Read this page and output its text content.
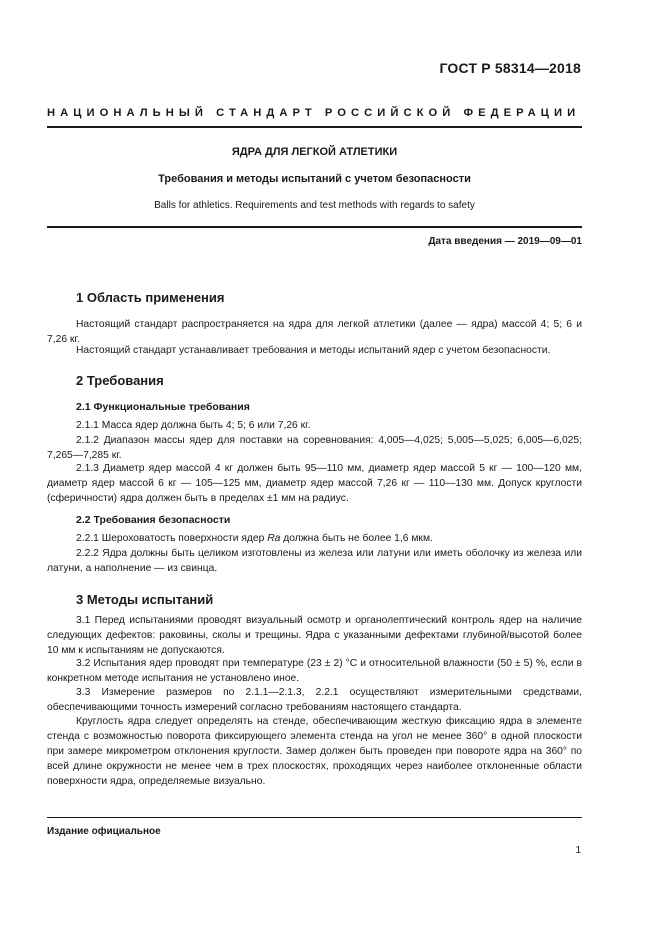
ГОСТ Р 58314—2018
НАЦИОНАЛЬНЫЙ СТАНДАРТ РОССИЙСКОЙ ФЕДЕРАЦИИ
ЯДРА ДЛЯ ЛЕГКОЙ АТЛЕТИКИ
Требования и методы испытаний с учетом безопасности
Balls for athletics. Requirements and test methods with regards to safety
Дата введения — 2019—09—01
1 Область применения
Настоящий стандарт распространяется на ядра для легкой атлетики (далее — ядра) массой 4; 5; 6 и 7,26 кг.
Настоящий стандарт устанавливает требования и методы испытаний ядер с учетом безопасности.
2 Требования
2.1 Функциональные требования
2.1.1 Масса ядер должна быть 4; 5; 6 или 7,26 кг.
2.1.2 Диапазон массы ядер для поставки на соревнования: 4,005—4,025; 5,005—5,025; 6,005—6,025; 7,265—7,285 кг.
2.1.3 Диаметр ядер массой 4 кг должен быть 95—110 мм, диаметр ядер массой 5 кг — 100—120 мм, диаметр ядер массой 6 кг — 105—125 мм, диаметр ядер массой 7,26 кг — 110—130 мм. Допуск круглости (сферичности) ядра должен быть в пределах ±1 мм на радиус.
2.2 Требования безопасности
2.2.1 Шероховатость поверхности ядер Ra должна быть не более 1,6 мкм.
2.2.2 Ядра должны быть целиком изготовлены из железа или латуни или иметь оболочку из железа или латуни, а наполнение — из свинца.
3 Методы испытаний
3.1 Перед испытаниями проводят визуальный осмотр и органолептический контроль ядер на наличие следующих дефектов: раковины, сколы и трещины. Ядра с указанными дефектами глубиной/высотой более 10 мм к испытаниям не допускаются.
3.2 Испытания ядер проводят при температуре (23 ± 2) °С и относительной влажности (50 ± 5) %, если в конкретном методе испытания не установлено иное.
3.3 Измерение размеров по 2.1.1—2.1.3, 2.2.1 осуществляют измерительными средствами, обеспечивающими точность измерений согласно требованиям настоящего стандарта.
Круглость ядра следует определять на стенде, обеспечивающим жесткую фиксацию ядра в элементе стенда с возможностью поворота фиксирующего элемента стенда на угол не менее 360° в одной плоскости при замере микрометром отклонения круглости. Замер должен быть проведен при повороте ядра на 360° по всей длине окружности не менее чем в трех плоскостях, проходящих через наиболее отклоненные области поверхности ядра, определяемые визуально.
Издание официальное
1
